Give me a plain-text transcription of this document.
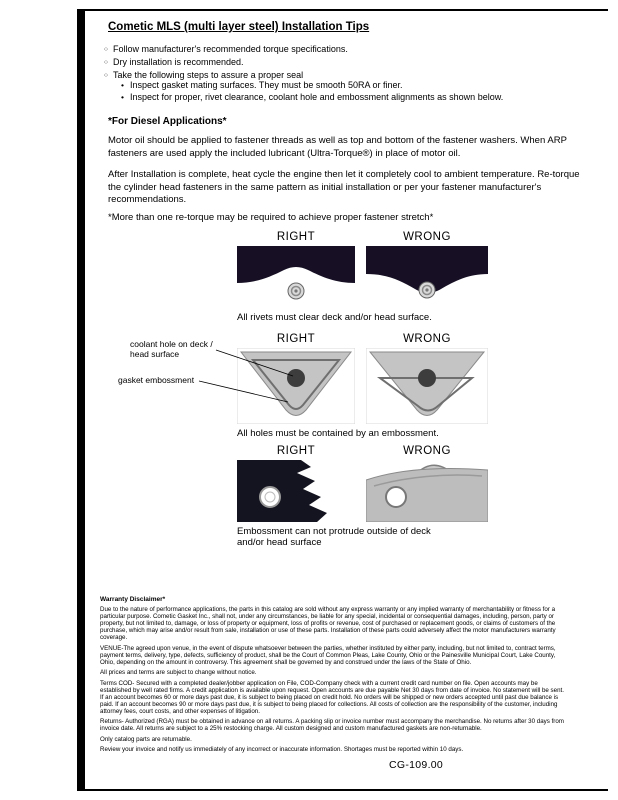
Cometic MLS (multi layer steel) Installation Tips
○ Follow manufacturer's recommended torque specifications.
○ Dry installation is recommended.
○ Take the following steps to assure a proper seal
• Inspect gasket mating surfaces. They must be smooth 50RA or finer.
• Inspect for proper, rivet clearance, coolant hole and embossment alignments as shown below.
*For Diesel Applications*

Motor oil should be applied to fastener threads as well as top and bottom of the fastener washers. When ARP fasteners are used apply the included lubricant (Ultra-Torque®) in place of motor oil.

After Installation is complete, heat cycle the engine then let it completely cool to ambient temperature. Re-torque the cylinder head fasteners in the same pattern as initial installation or per your fastener manufacturer's recommendations.

*More than one re-torque may be required to achieve proper fastener stretch*
RIGHT	WRONG
All rivets must clear deck and/or head surface.
RIGHT	WRONG
coolant hole on deck / head surface
gasket embossment
All holes must be contained by an embossment.
RIGHT	WRONG
Embossment can not protrude outside of deck and/or head surface
Warranty Disclaimer*

Due to the nature of performance applications, the parts in this catalog are sold without any express warranty or any implied warranty of merchantability or fitness for a particular purpose. Cometic Gasket Inc., shall not, under any circumstances, be liable for any special, incidental or consequential damages, including, person, party or property, but not limited to, damage, or loss of property or equipment, loss of profits or revenue, cost of purchased or replacement goods, or claims of customers of the purchase, which may arise and/or result from sale, installation or use of these parts. Installation of these parts could adversely affect the motor manufacturers warranty coverage.

VENUE-The agreed upon venue, in the event of dispute whatsoever between the parties, whether instituted by either party, including, but not limited to, contract terms, payment terms, delivery, type, defects, sufficiency of product, shall be the Court of Common Pleas, Lake County, Ohio or the Painesville Municipal Court, Lake County, Ohio, depending on the amount in controversy. This agreement shall be governed by and construed under the laws of the State of Ohio.

All prices and terms are subject to change without notice.

Terms COD- Secured with a completed dealer/jobber application on File, COD-Company check with a current credit card number on file. Open accounts may be established by well rated firms. A credit application is available upon request. Open accounts are due payable Net 30 days from date of invoice. No statement will be sent. If an account becomes 60 or more days past due, it is subject to being placed on credit hold. No orders will be shipped or new orders accepted until past due balance is paid. If an account becomes 90 or more days past due, it is subject to being placed for collections. All costs of collection are the responsibility of the customer, including attorney fees, court costs, and other expenses of litigation.

Returns- Authorized (RGA) must be obtained in advance on all returns. A packing slip or invoice number must accompany the merchandise. No returns after 30 days from invoice date. All returns are subject to a 25% restocking charge. All custom designed and custom manufactured gaskets are non-returnable.

Only catalog parts are returnable.

Review your invoice and notify us immediately of any incorrect or inaccurate information. Shortages must be reported within 10 days.

CG-109.00
